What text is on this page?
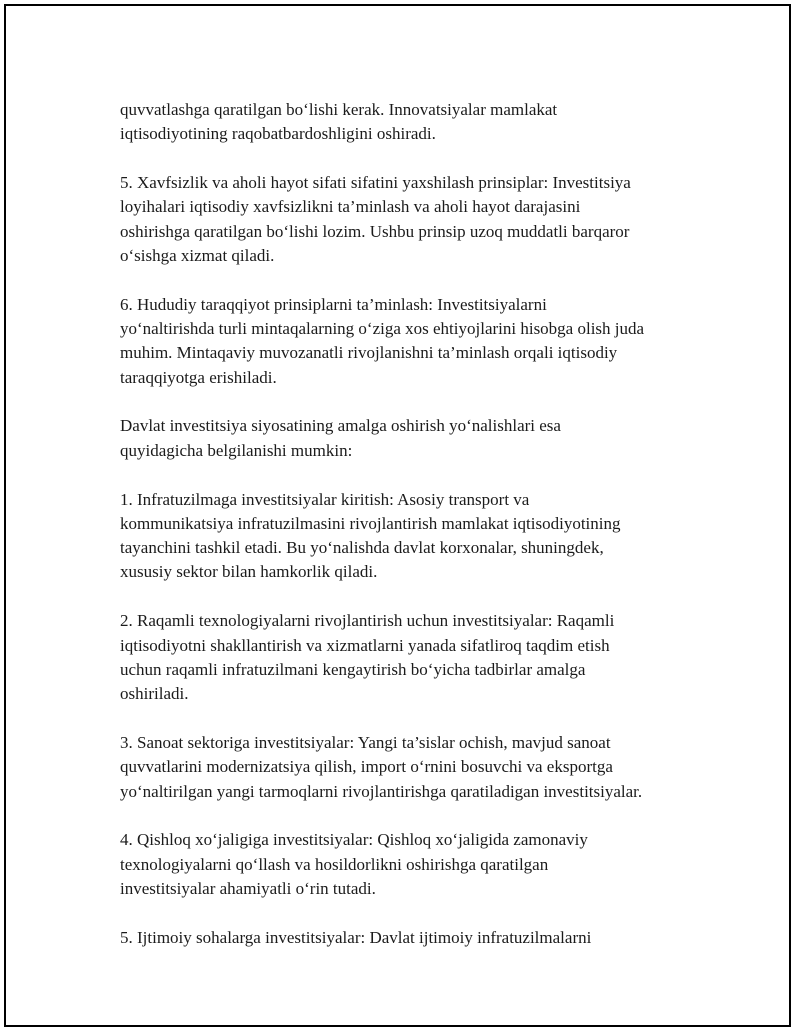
quvvatlashga qaratilgan bo‘lishi kerak. Innovatsiyalar mamlakat
iqtisodiyotining raqobatbardoshligini oshiradi.

5. Xavfsizlik va aholi hayot sifati sifatini yaxshilash prinsiplar: Investitsiya
loyihalari iqtisodiy xavfsizlikni ta’minlash va aholi hayot darajasini
oshirishga qaratilgan bo‘lishi lozim. Ushbu prinsip uzoq muddatli barqaror
o‘sishga xizmat qiladi.

6. Hududiy taraqqiyot prinsiplarni ta’minlash: Investitsiyalarni
yo‘naltirishda turli mintaqalarning o‘ziga xos ehtiyojlarini hisobga olish juda
muhim. Mintaqaviy muvozanatli rivojlanishni ta’minlash orqali iqtisodiy
taraqqiyotga erishiladi.

Davlat investitsiya siyosatining amalga oshirish yo‘nalishlari esa
quyidagicha belgilanishi mumkin:

1. Infratuzilmaga investitsiyalar kiritish: Asosiy transport va
kommunikatsiya infratuzilmasini rivojlantirish mamlakat iqtisodiyotining
tayanchini tashkil etadi. Bu yo‘nalishda davlat korxonalar, shuningdek,
xususiy sektor bilan hamkorlik qiladi.

2. Raqamli texnologiyalarni rivojlantirish uchun investitsiyalar: Raqamli
iqtisodiyotni shakllantirish va xizmatlarni yanada sifatliroq taqdim etish
uchun raqamli infratuzilmani kengaytirish bo‘yicha tadbirlar amalga
oshiriladi.

3. Sanoat sektoriga investitsiyalar: Yangi ta’sislar ochish, mavjud sanoat
quvvatlarini modernizatsiya qilish, import o‘rnini bosuvchi va eksportga
yo‘naltirilgan yangi tarmoqlarni rivojlantirishga qaratiladigan investitsiyalar.

4. Qishloq xo‘jaligiga investitsiyalar: Qishloq xo‘jaligida zamonaviy
texnologiyalarni qo‘llash va hosildorlikni oshirishga qaratilgan
investitsiyalar ahamiyatli o‘rin tutadi.

5. Ijtimoiy sohalarga investitsiyalar: Davlat ijtimoiy infratuzilmalarni
